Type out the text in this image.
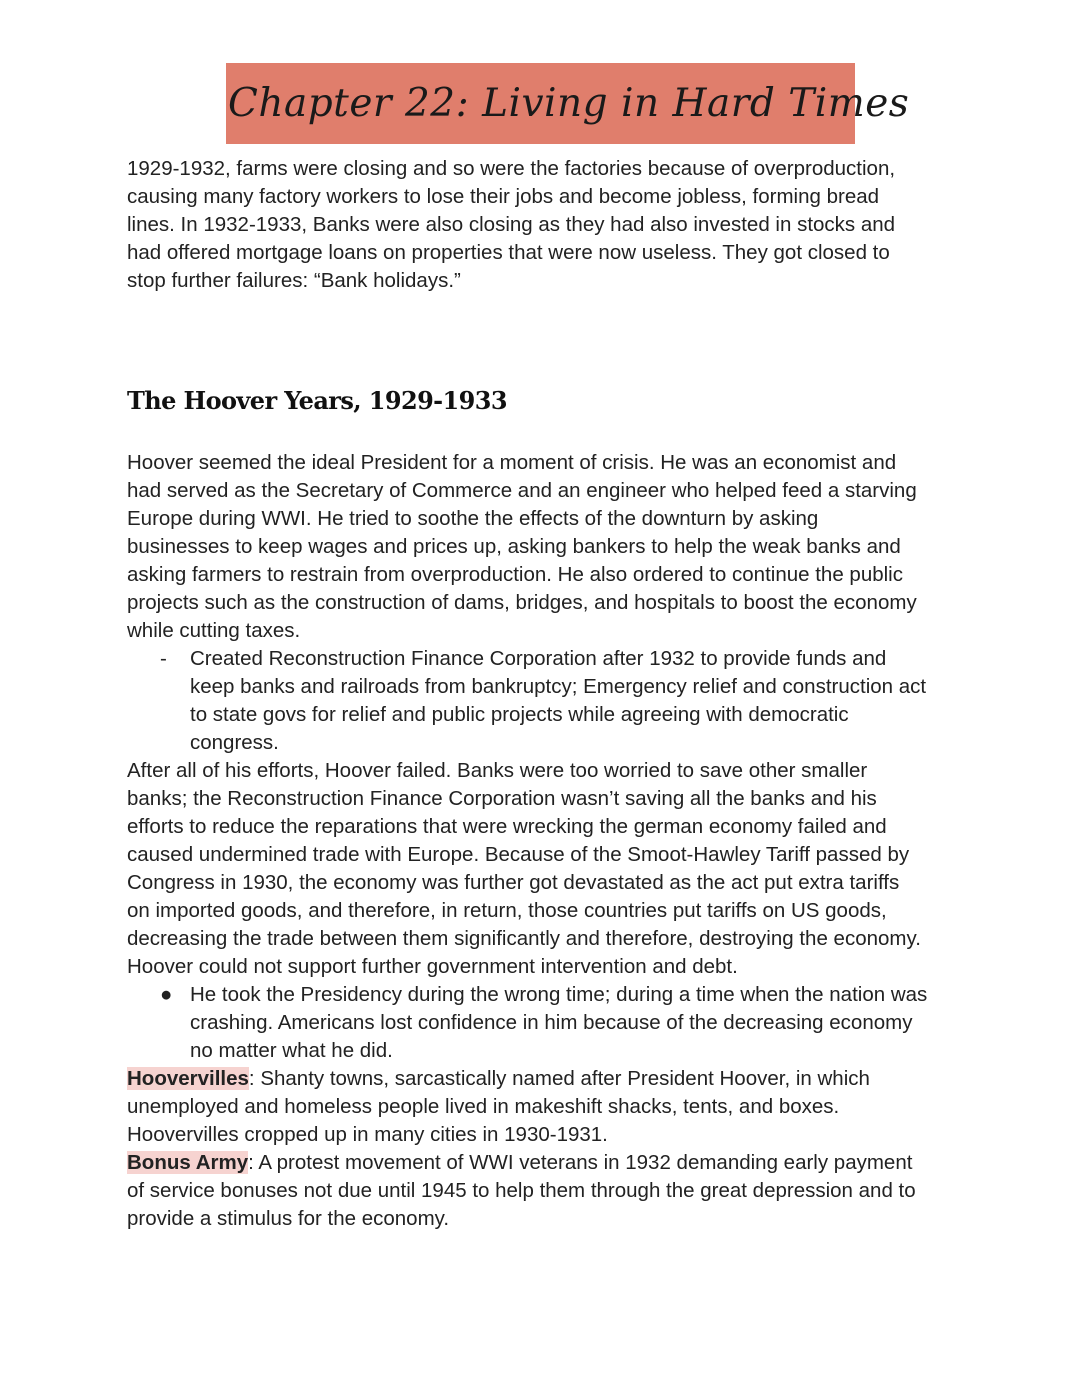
Chapter 22: Living in Hard Times

1929-1932, farms were closing and so were the factories because of overproduction,
causing many factory workers to lose their jobs and become jobless, forming bread
lines. In 1932-1933, Banks were also closing as they had also invested in stocks and
had offered mortgage loans on properties that were now useless. They got closed to
stop further failures: “Bank holidays.”

The Hoover Years, 1929-1933

Hoover seemed the ideal President for a moment of crisis. He was an economist and
had served as the Secretary of Commerce and an engineer who helped feed a starving
Europe during WWI. He tried to soothe the effects of the downturn by asking
businesses to keep wages and prices up, asking bankers to help the weak banks and
asking farmers to restrain from overproduction. He also ordered to continue the public
projects such as the construction of dams, bridges, and hospitals to boost the economy
while cutting taxes.

- Created Reconstruction Finance Corporation after 1932 to provide funds and
keep banks and railroads from bankruptcy; Emergency relief and construction act
to state govs for relief and public projects while agreeing with democratic
congress.

After all of his efforts, Hoover failed. Banks were too worried to save other smaller
banks; the Reconstruction Finance Corporation wasn’t saving all the banks and his
efforts to reduce the reparations that were wrecking the german economy failed and
caused undermined trade with Europe. Because of the Smoot-Hawley Tariff passed by
Congress in 1930, the economy was further got devastated as the act put extra tariffs
on imported goods, and therefore, in return, those countries put tariffs on US goods,
decreasing the trade between them significantly and therefore, destroying the economy.
Hoover could not support further government intervention and debt.

● He took the Presidency during the wrong time; during a time when the nation was
crashing. Americans lost confidence in him because of the decreasing economy
no matter what he did.

Hoovervilles: Shanty towns, sarcastically named after President Hoover, in which
unemployed and homeless people lived in makeshift shacks, tents, and boxes.
Hoovervilles cropped up in many cities in 1930-1931.

Bonus Army: A protest movement of WWI veterans in 1932 demanding early payment
of service bonuses not due until 1945 to help them through the great depression and to
provide a stimulus for the economy.
